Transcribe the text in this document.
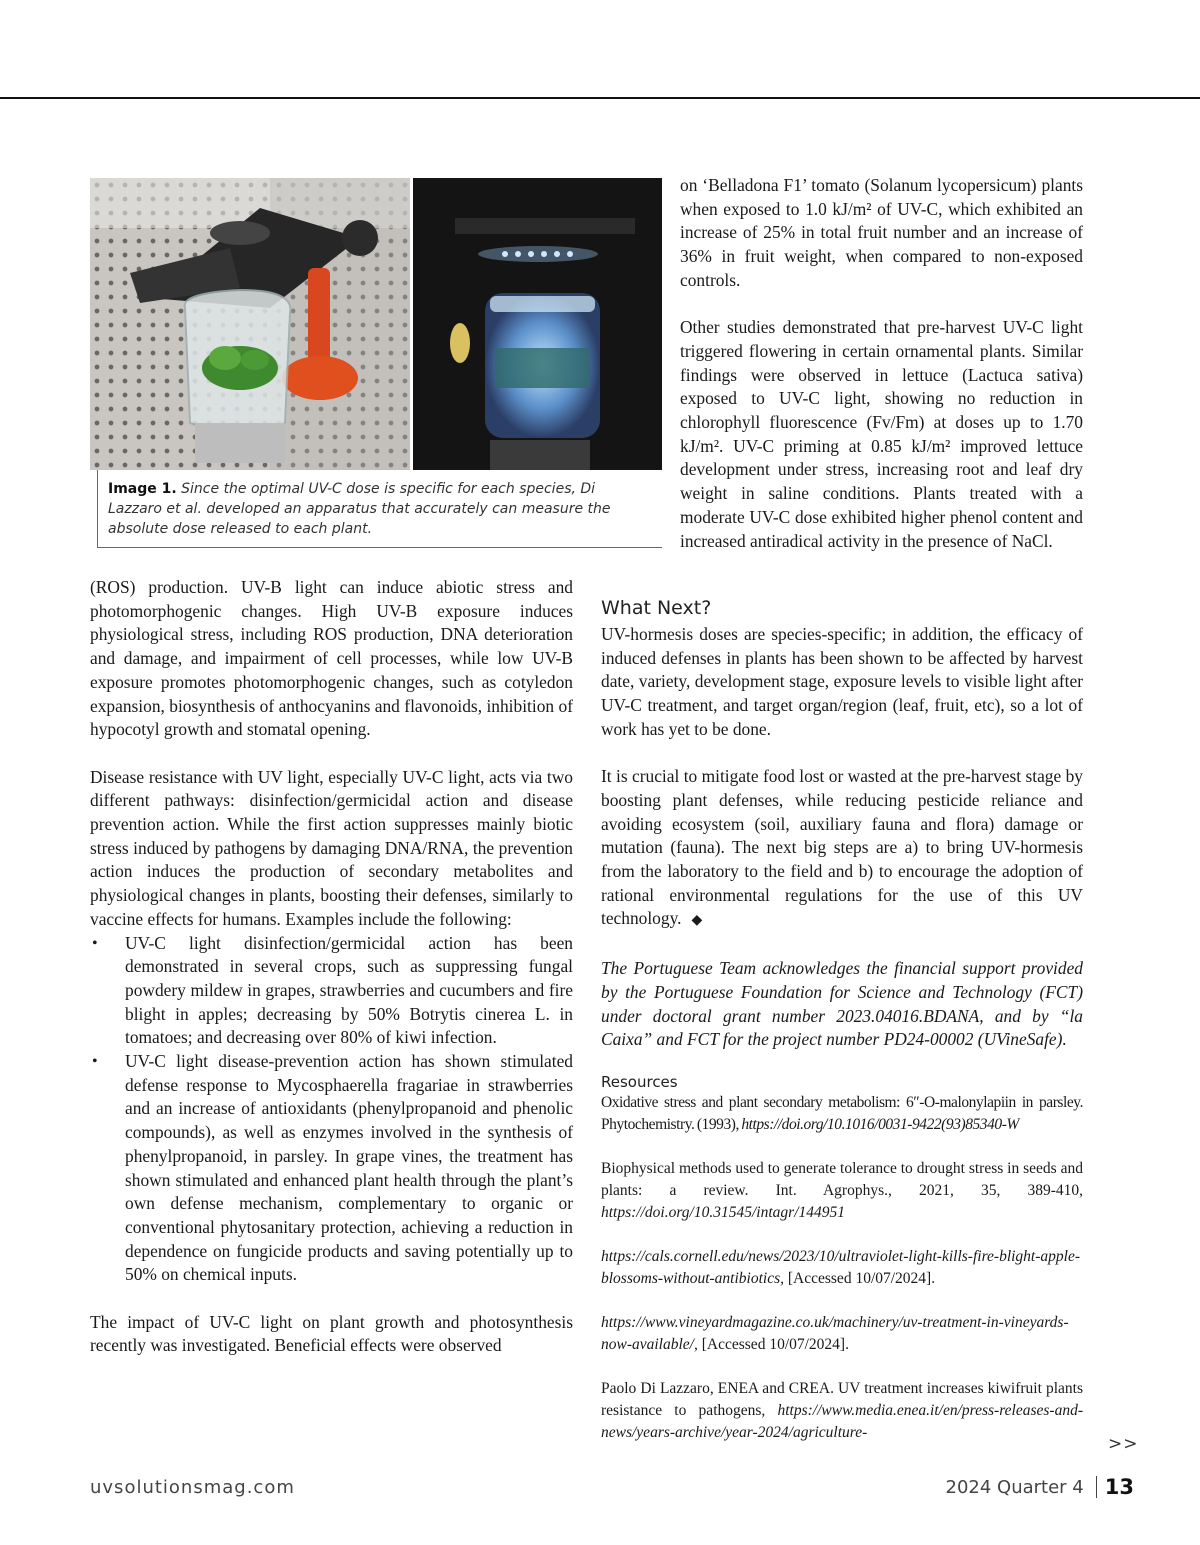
Image 1. Since the optimal UV-C dose is specific for each species, Di Lazzaro et al. developed an apparatus that accurately can measure the absolute dose released to each plant.

on ‘Belladona F1’ tomato (Solanum lycopersicum) plants when exposed to 1.0 kJ/m² of UV-C, which exhibited an increase of 25% in total fruit number and an increase of 36% in fruit weight, when compared to non-exposed controls.

Other studies demonstrated that pre-harvest UV-C light triggered flowering in certain ornamental plants. Similar findings were observed in lettuce (Lactuca sativa) exposed to UV-C light, showing no reduction in chlorophyll fluorescence (Fv/Fm) at doses up to 1.70 kJ/m². UV-C priming at 0.85 kJ/m² improved lettuce development under stress, increasing root and leaf dry weight in saline conditions. Plants treated with a moderate UV-C dose exhibited higher phenol content and increased antiradical activity in the presence of NaCl.

(ROS) production. UV-B light can induce abiotic stress and photomorphogenic changes. High UV-B exposure induces physiological stress, including ROS production, DNA deterioration and damage, and impairment of cell processes, while low UV-B exposure promotes photomorphogenic changes, such as cotyledon expansion, biosynthesis of anthocyanins and flavonoids, inhibition of hypocotyl growth and stomatal opening.

Disease resistance with UV light, especially UV-C light, acts via two different pathways: disinfection/germicidal action and disease prevention action. While the first action suppresses mainly biotic stress induced by pathogens by damaging DNA/RNA, the prevention action induces the production of secondary metabolites and physiological changes in plants, boosting their defenses, similarly to vaccine effects for humans. Examples include the following:

• UV-C light disinfection/germicidal action has been demonstrated in several crops, such as suppressing fungal powdery mildew in grapes, strawberries and cucumbers and fire blight in apples; decreasing by 50% Botrytis cinerea L. in tomatoes; and decreasing over 80% of kiwi infection.
• UV-C light disease-prevention action has shown stimulated defense response to Mycosphaerella fragariae in strawberries and an increase of antioxidants (phenylpropanoid and phenolic compounds), as well as enzymes involved in the synthesis of phenylpropanoid, in parsley. In grape vines, the treatment has shown stimulated and enhanced plant health through the plant’s own defense mechanism, complementary to organic or conventional phytosanitary protection, achieving a reduction in dependence on fungicide products and saving potentially up to 50% on chemical inputs.

The impact of UV-C light on plant growth and photosynthesis recently was investigated. Beneficial effects were observed

What Next?

UV-hormesis doses are species-specific; in addition, the efficacy of induced defenses in plants has been shown to be affected by harvest date, variety, development stage, exposure levels to visible light after UV-C treatment, and target organ/region (leaf, fruit, etc), so a lot of work has yet to be done.

It is crucial to mitigate food lost or wasted at the pre-harvest stage by boosting plant defenses, while reducing pesticide reliance and avoiding ecosystem (soil, auxiliary fauna and flora) damage or mutation (fauna). The next big steps are a) to bring UV-hormesis from the laboratory to the field and b) to encourage the adoption of rational environmental regulations for the use of this UV technology. ◆

The Portuguese Team acknowledges the financial support provided by the Portuguese Foundation for Science and Technology (FCT) under doctoral grant number 2023.04016.BDANA, and by “la Caixa” and FCT for the project number PD24-00002 (UVineSafe).

Resources

Oxidative stress and plant secondary metabolism: 6″-O-malonylapiin in parsley. Phytochemistry. (1993), https://doi.org/10.1016/0031-9422(93)85340-W

Biophysical methods used to generate tolerance to drought stress in seeds and plants: a review. Int. Agrophys., 2021, 35, 389-410, https://doi.org/10.31545/intagr/144951

https://cals.cornell.edu/news/2023/10/ultraviolet-light-kills-fire-blight-apple-blossoms-without-antibiotics, [Accessed 10/07/2024].

https://www.vineyardmagazine.co.uk/machinery/uv-treatment-in-vineyards-now-available/, [Accessed 10/07/2024].

Paolo Di Lazzaro, ENEA and CREA. UV treatment increases kiwifruit plants resistance to pathogens, https://www.media.enea.it/en/press-releases-and-news/years-archive/year-2024/agriculture-

>>
uvsolutionsmag.com	2024 Quarter 4 13
